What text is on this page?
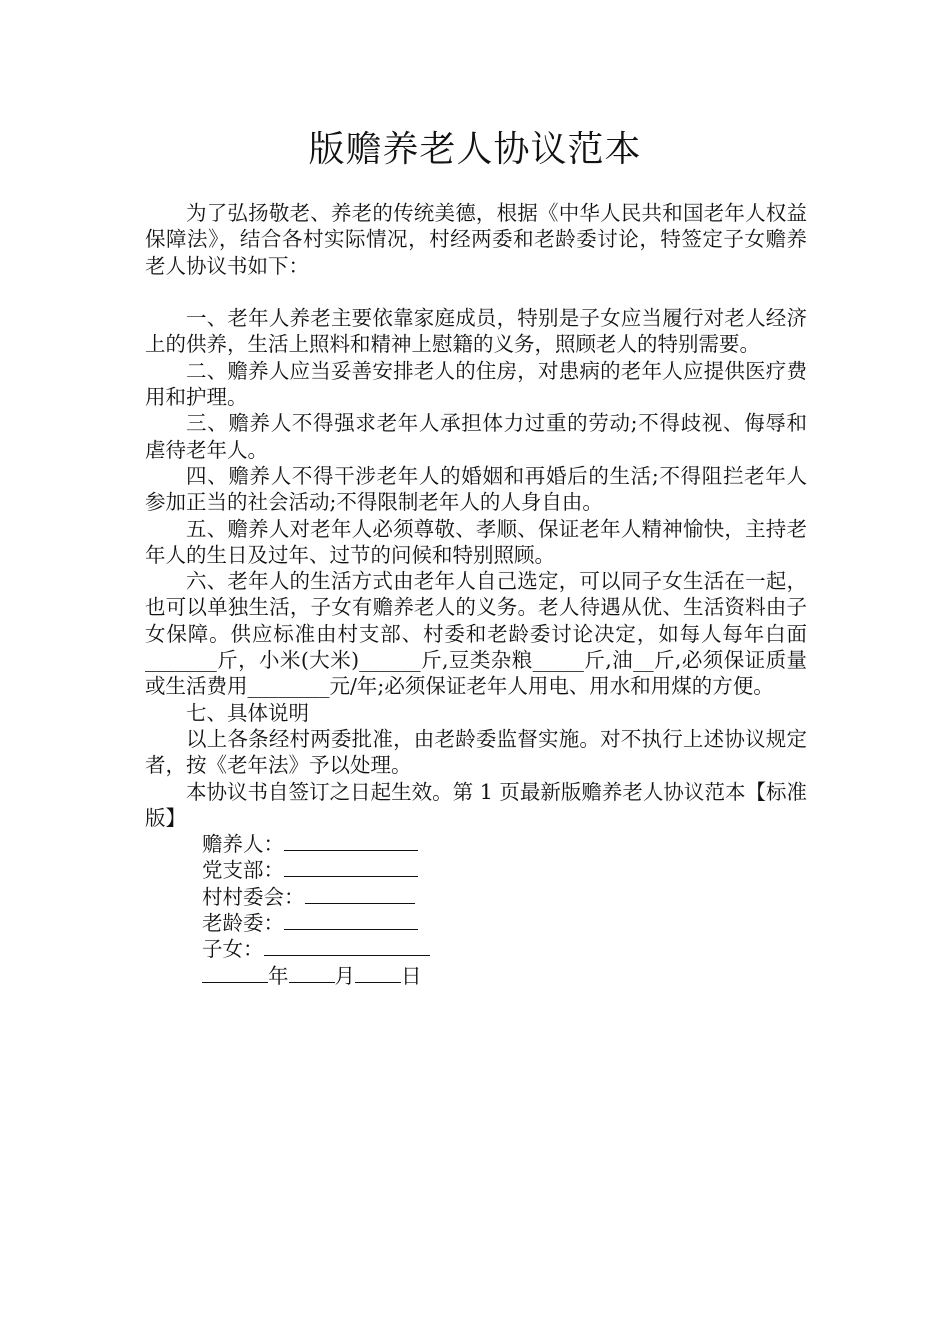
版赡养老人协议范本

为了弘扬敬老、养老的传统美德，根据《中华人民共和国老年人权益保障法》，结合各村实际情况，村经两委和老龄委讨论，特签定子女赡养老人协议书如下：

一、老年人养老主要依靠家庭成员，特别是子女应当履行对老人经济上的供养，生活上照料和精神上慰籍的义务，照顾老人的特别需要。

二、赡养人应当妥善安排老人的住房，对患病的老年人应提供医疗费用和护理。

三、赡养人不得强求老年人承担体力过重的劳动;不得歧视、侮辱和虐待老年人。

四、赡养人不得干涉老年人的婚姻和再婚后的生活;不得阻拦老年人参加正当的社会活动;不得限制老年人的人身自由。

五、赡养人对老年人必须尊敬、孝顺、保证老年人精神愉快，主持老年人的生日及过年、过节的问候和特别照顾。

六、老年人的生活方式由老年人自己选定，可以同子女生活在一起，也可以单独生活，子女有赡养老人的义务。老人待遇从优、生活资料由子女保障。供应标准由村支部、村委和老龄委讨论决定，如每人每年白面_______斤，小米(大米)______斤,豆类杂粮_____斤,油__斤,必须保证质量或生活费用________元/年;必须保证老年人用电、用水和用煤的方便。

七、具体说明

以上各条经村两委批准，由老龄委监督实施。对不执行上述协议规定者，按《老年法》予以处理。

本协议书自签订之日起生效。第 1 页最新版赡养老人协议范本【标准版】

赡养人：

党支部：

村村委会：

老龄委：

子女：

年 月 日
